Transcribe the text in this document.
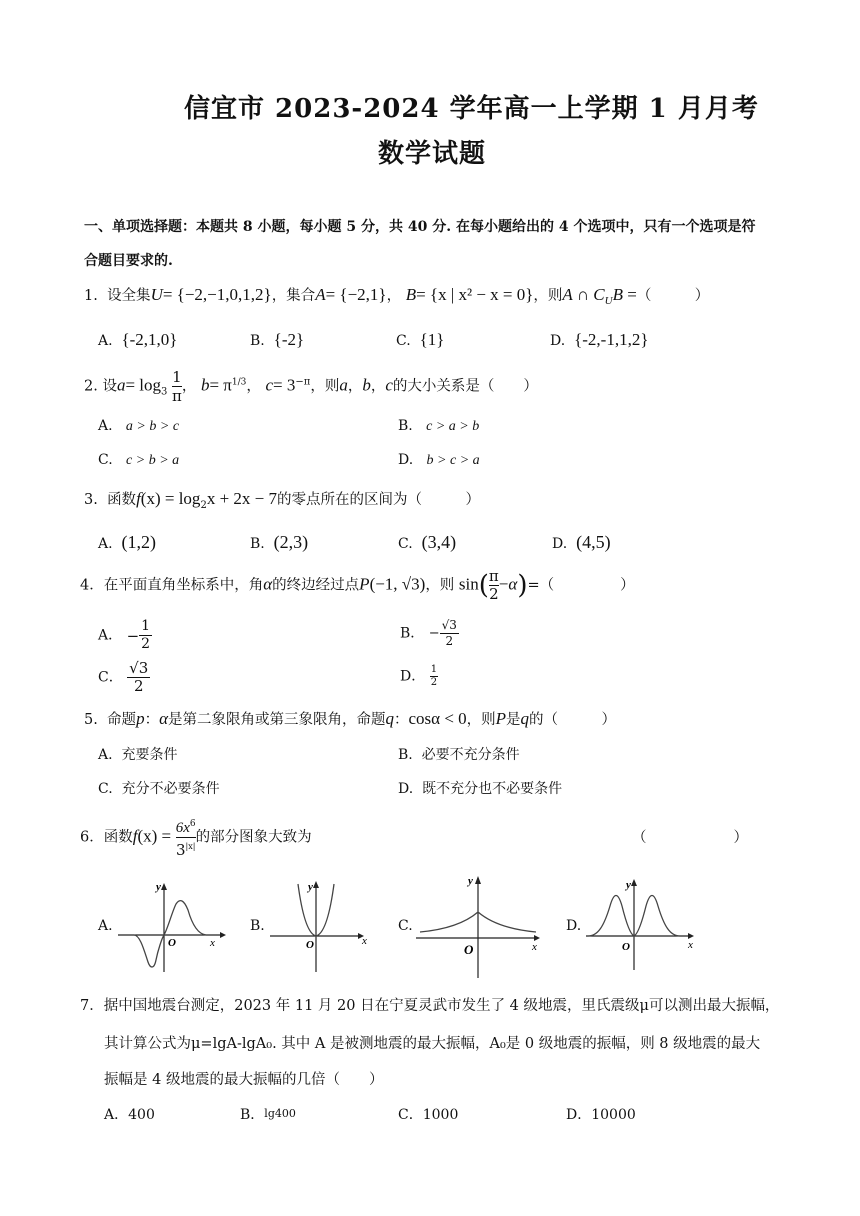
信宜市 2023-2024 学年高一上学期 1 月月考
数学试题
一、单项选择题：本题共 8 小题，每小题 5 分，共 40 分. 在每小题给出的 4 个选项中，只有一个选项是符
合题目要求的.
1. 设全集U= {−2,−1,0,1,2}，集合A= {−2,1}， B= {x | x² − x = 0}，则A ∩ $C_UB$ =（　　　）
A. {-2,1,0}	B. {-2}	C. {1}	D. {-2,-1,1,2}
2. 设$a= \log_3 \frac{1}{\pi}$ ， $b= \pi^{1/3}$， $c= 3^{-\pi}$，则a，b，c的大小关系是（　　）
A. a > b > c	B. c > a > b
C. c > b > a	D. b > c > a
3. 函数$f(x) = \log_2x + 2x - 7$的零点所在的区间为（　　　）
A. (1,2)	B. (2,3)	C. (3,4)	D. (4,5)
4．在平面直角坐标系中，角α的终边经过点P(−1, √3)，则 $\sin( \frac{\pi}{2} -\alpha)=$（	）
A． − $\frac{1}{2}$	B． − $\frac{√3}{2}$
C． $\frac{√3}{2}$	D． $\frac{1}{2}$
5. 命题p：α是第二象限角或第三象限角，命题q：cosα < 0，则P是q的（　　　）
A. 充要条件	B. 必要不充分条件
C. 充分不必要条件	D. 既不充分也不必要条件
6．函数$f(x) = \frac{6x^6}{3^{|x|}}$ 的部分图象大致为	（　　　　　　）
A.
y
x
O
B.
y
x
O
C.
y
x
O
D.
y
x
O
7．据中国地震台测定，2023 年 11 月 20 日在宁夏灵武市发生了 4 级地震，里氏震级μ可以测出最大振幅，
其计算公式为μ=lgA-lgA₀. 其中 A 是被测地震的最大振幅，A₀是 0 级地震的振幅，则 8 级地震的最大
振幅是 4 级地震的最大振幅的几倍（　　）
A．400	B．lg400	C．1000	D．10000
